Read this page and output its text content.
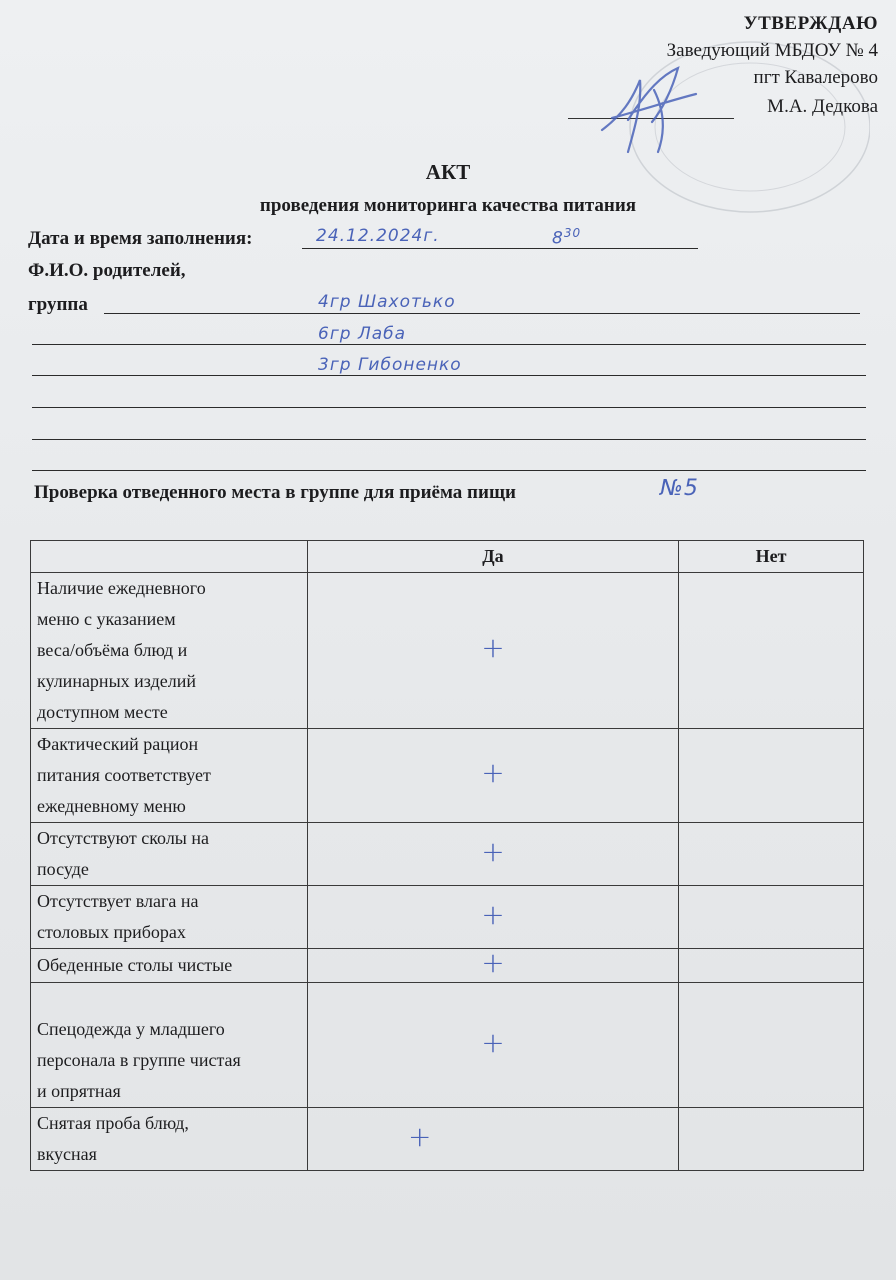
УТВЕРЖДАЮ
Заведующий МБДОУ № 4
пгт Кавалерово
М.А. Дедкова
АКТ
проведения мониторинга качества питания
Дата и время заполнения:	24.12.2024г.	$8^{30}$
Ф.И.О. родителей,
группа	4гр Шахотько
6гр Лаба
3гр Гибоненко
Проверка отведенного места в группе для приёма пищи	№5
	Да	Нет

Наличие ежедневного
меню с указанием
веса/объёма блюд и
кулинарных изделий
доступном месте	+	

Фактический рацион
питания соответствует
ежедневному меню	+	

Отсутствуют сколы на
посуде	+	

Отсутствует влага на
столовых приборах	+	

Обеденные столы чистые	+	

Спецодежда у младшего
персонала в группе чистая
и опрятная	+	

Снятая проба блюд,
вкусная	+	
